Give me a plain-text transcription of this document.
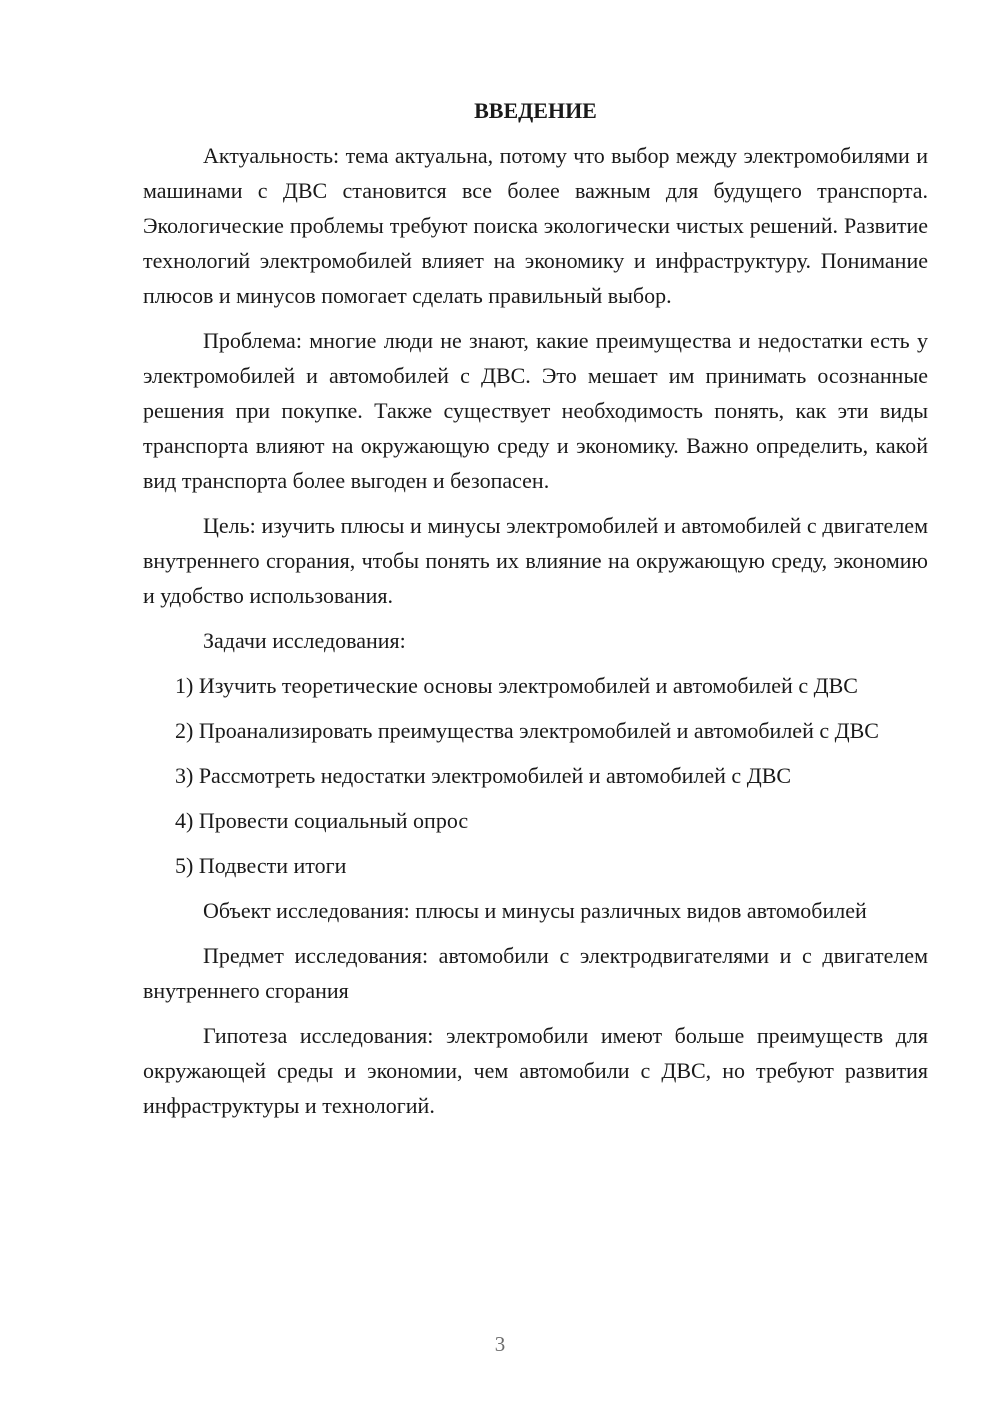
ВВЕДЕНИЕ

Актуальность: тема актуальна, потому что выбор между электромобилями и машинами с ДВС становится все более важным для будущего транспорта. Экологические проблемы требуют поиска экологически чистых решений. Развитие технологий электромобилей влияет на экономику и инфраструктуру. Понимание плюсов и минусов помогает сделать правильный выбор.

Проблема: многие люди не знают, какие преимущества и недостатки есть у электромобилей и автомобилей с ДВС. Это мешает им принимать осознанные решения при покупке. Также существует необходимость понять, как эти виды транспорта влияют на окружающую среду и экономику. Важно определить, какой вид транспорта более выгоден и безопасен.

Цель: изучить плюсы и минусы электромобилей и автомобилей с двигателем внутреннего сгорания, чтобы понять их влияние на окружающую среду, экономию и удобство использования.

Задачи исследования:

1) Изучить теоретические основы электромобилей и автомобилей с ДВС

2) Проанализировать преимущества электромобилей и автомобилей с ДВС

3) Рассмотреть недостатки электромобилей и автомобилей с ДВС

4) Провести социальный опрос

5) Подвести итоги

Объект исследования: плюсы и минусы различных видов автомобилей

Предмет исследования: автомобили с электродвигателями и с двигателем внутреннего сгорания

Гипотеза исследования: электромобили имеют больше преимуществ для окружающей среды и экономии, чем автомобили с ДВС, но требуют развития инфраструктуры и технологий.

3
